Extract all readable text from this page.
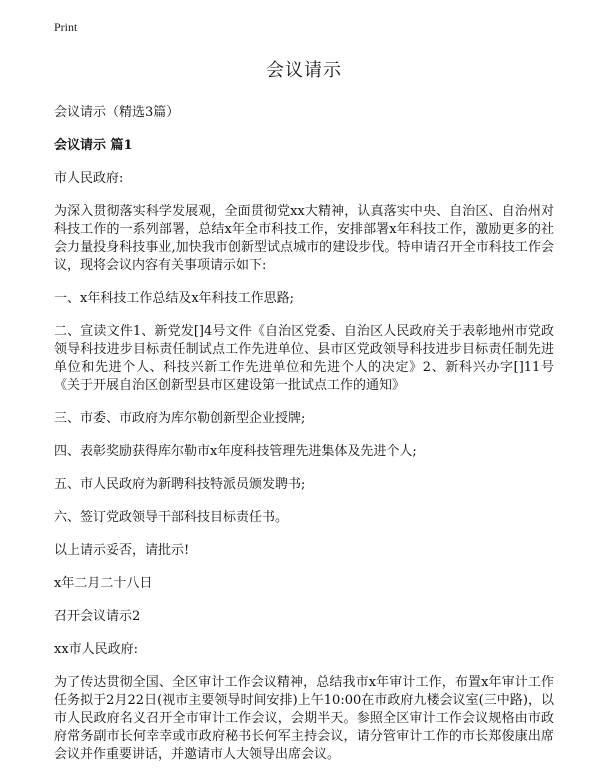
Print
会议请示

会议请示（精选3篇）

会议请示 篇1

市人民政府:

为深入贯彻落实科学发展观，全面贯彻党xx大精神，认真落实中央、自治区、自治州对科技工作的一系列部署，总结x年全市科技工作，安排部署x年科技工作，激励更多的社会力量投身科技事业,加快我市创新型试点城市的建设步伐。特申请召开全市科技工作会议，现将会议内容有关事项请示如下:

一、x年科技工作总结及x年科技工作思路;

二、宣读文件1、新党发[]4号文件《自治区党委、自治区人民政府关于表彰地州市党政领导科技进步目标责任制试点工作先进单位、县市区党政领导科技进步目标责任制先进单位和先进个人、科技兴新工作先进单位和先进个人的决定》2、新科兴办字[]11号《关于开展自治区创新型县市区建设第一批试点工作的通知》

三、市委、市政府为库尔勒创新型企业授牌;

四、表彰奖励获得库尔勒市x年度科技管理先进集体及先进个人;

五、市人民政府为新聘科技特派员颁发聘书;

六、签订党政领导干部科技目标责任书。

以上请示妥否，请批示!

x年二月二十八日

召开会议请示2

xx市人民政府:

为了传达贯彻全国、全区审计工作会议精神，总结我市x年审计工作，布置x年审计工作任务拟于2月22日(视市主要领导时间安排)上午10:00在市政府九楼会议室(三中路)，以市人民政府名义召开全市审计工作会议，会期半天。参照全区审计工作会议规格由市政府常务副市长何幸幸或市政府秘书长何军主持会议，请分管审计工作的市长郑俊康出席会议并作重要讲话，并邀请市人大领导出席会议。
